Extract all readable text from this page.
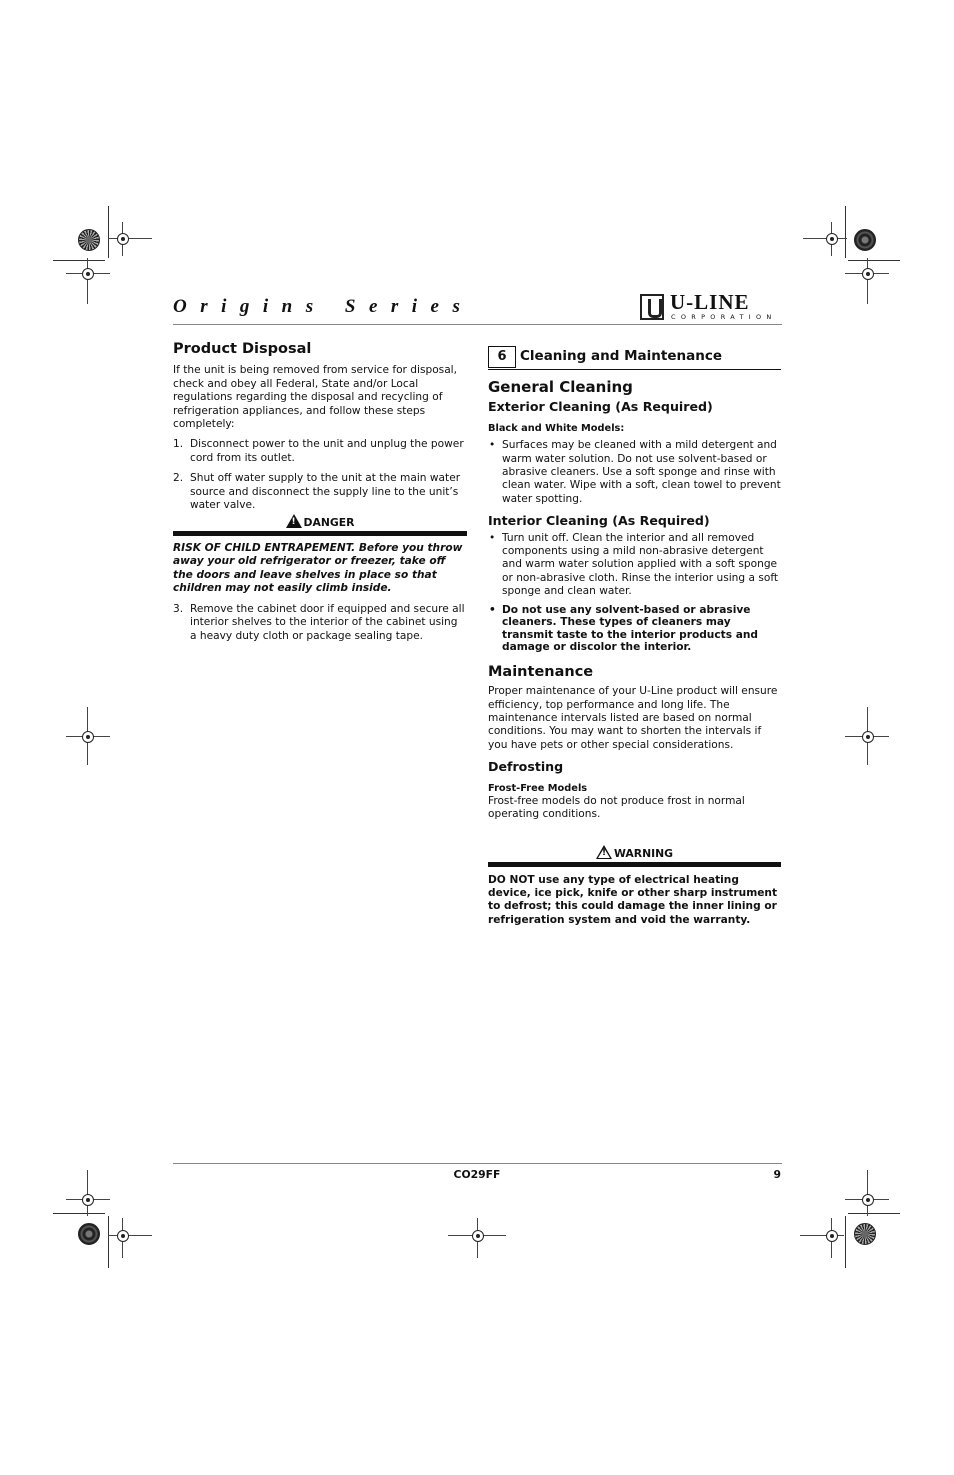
Origins Series	U-LINE
CORPORATION
Product Disposal

If the unit is being removed from service for disposal, check and obey all Federal, State and/or Local regulations regarding the disposal and recycling of refrigeration appliances, and follow these steps completely:

1. Disconnect power to the unit and unplug the power cord from its outlet.
2. Shut off water supply to the unit at the main water source and disconnect the supply line to the unit’s water valve.
! DANGER

RISK OF CHILD ENTRAPEMENT. Before you throw away your old refrigerator or freezer, take off the doors and leave shelves in place so that children may not easily climb inside.

3. Remove the cabinet door if equipped and secure all interior shelves to the interior of the cabinet using a heavy duty cloth or package sealing tape.
6 Cleaning and Maintenance
General Cleaning
Exterior Cleaning (As Required)
Black and White Models:
• Surfaces may be cleaned with a mild detergent and warm water solution. Do not use solvent-based or abrasive cleaners. Use a soft sponge and rinse with clean water. Wipe with a soft, clean towel to prevent water spotting.
Interior Cleaning (As Required)
• Turn unit off. Clean the interior and all removed components using a mild non-abrasive detergent and warm water solution applied with a soft sponge or non-abrasive cloth. Rinse the interior using a soft sponge and clean water.
• Do not use any solvent-based or abrasive cleaners. These types of cleaners may transmit taste to the interior products and damage or discolor the interior.
Maintenance

Proper maintenance of your U-Line product will ensure efficiency, top performance and long life. The maintenance intervals listed are based on normal conditions. You may want to shorten the intervals if you have pets or other special considerations.

Defrosting
Frost-Free Models

Frost-free models do not produce frost in normal operating conditions.

! WARNING

DO NOT use any type of electrical heating device, ice pick, knife or other sharp instrument to defrost; this could damage the inner lining or refrigeration system and void the warranty.

CO29FF	9
